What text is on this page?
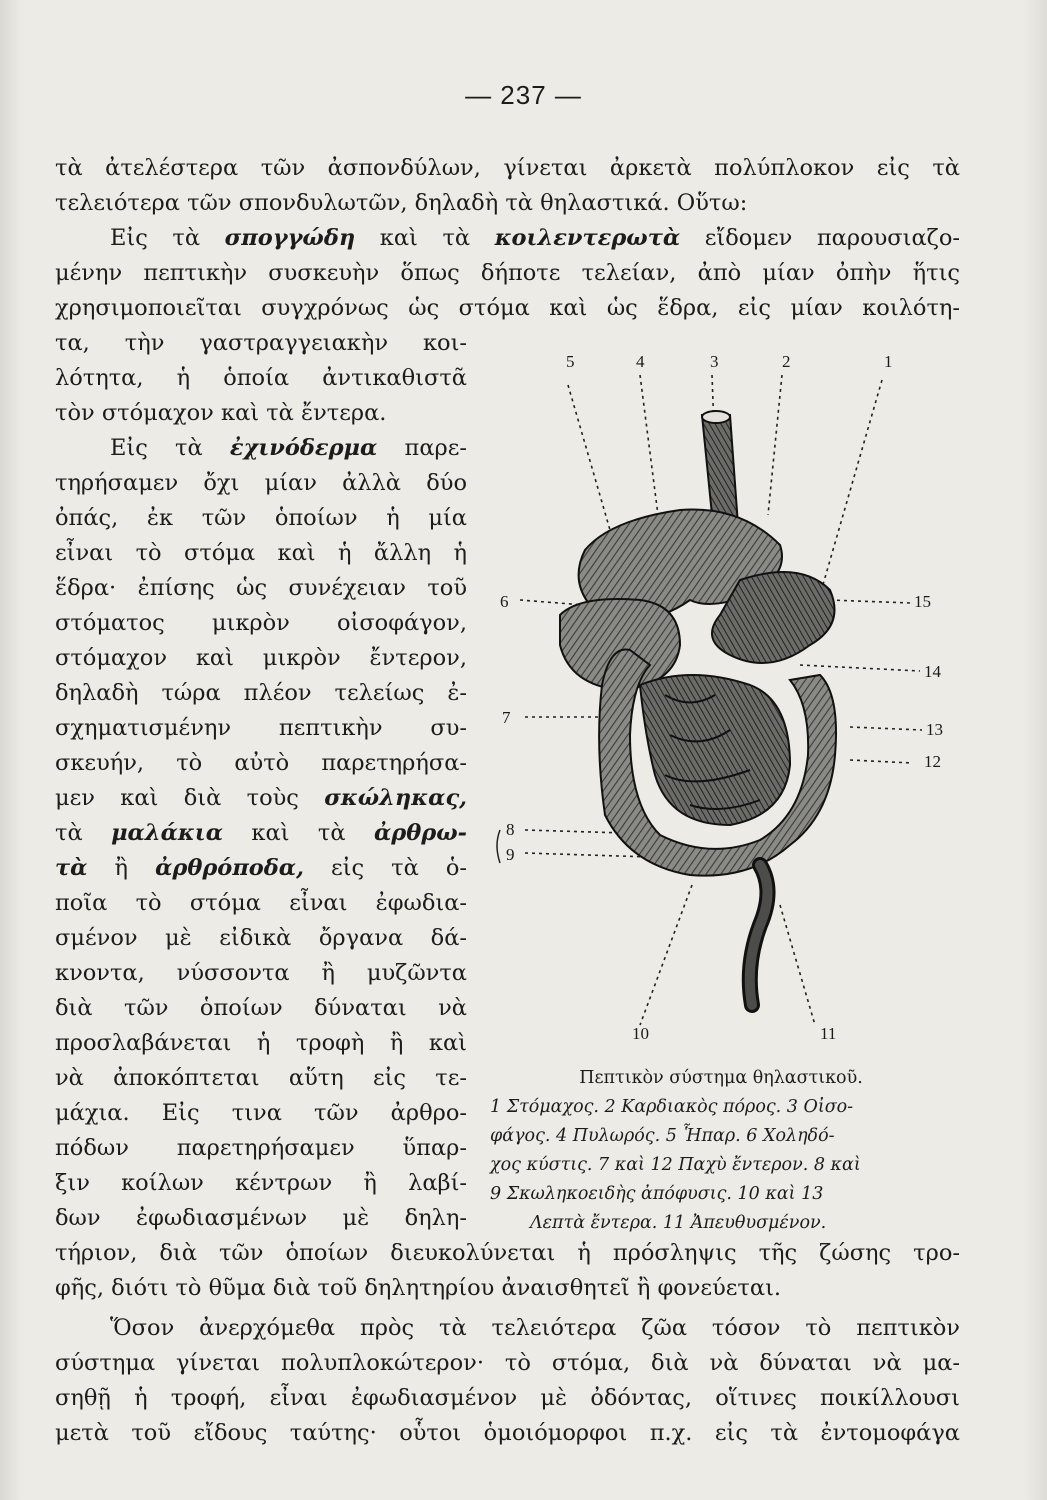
— 237 —
τὰ ἀτελέστερα τῶν ἀσπονδύλων, γίνεται ἀρκετὰ πολύπλοκον εἰς τὰ
τελειότερα τῶν σπονδυλωτῶν, δηλαδὴ τὰ θηλαστικά. Οὕτω:
Εἰς τὰ σπογγώδη καὶ τὰ κοιλεντερωτὰ εἴδομεν παρουσιαζο-
μένην πεπτικὴν συσκευὴν ὅπως δήποτε τελείαν, ἀπὸ μίαν ὀπὴν ἥτις
χρησιμοποιεῖται συγχρόνως ὡς στόμα καὶ ὡς ἕδρα, εἰς μίαν κοιλότη-
τα, τὴν γαστραγγειακὴν κοι-
λότητα, ἡ ὁποία ἀντικαθιστᾶ
τὸν στόμαχον καὶ τὰ ἔντερα.
Εἰς τὰ ἐχινόδερμα παρε-
τηρήσαμεν ὄχι μίαν ἀλλὰ δύο
ὀπάς, ἐκ τῶν ὁποίων ἡ μία
εἶναι τὸ στόμα καὶ ἡ ἄλλη ἡ
ἕδρα· ἐπίσης ὡς συνέχειαν τοῦ
στόματος μικρὸν οἰσοφάγον,
στόμαχον καὶ μικρὸν ἔντερον,
δηλαδὴ τώρα πλέον τελείως ἐ-
σχηματισμένην πεπτικὴν συ-
σκευήν, τὸ αὐτὸ παρετηρήσα-
μεν καὶ διὰ τοὺς σκώληκας,
τὰ μαλάκια καὶ τὰ ἀρθρω-
τὰ ἢ ἀρθρόποδα, εἰς τὰ ὁ-
ποῖα τὸ στόμα εἶναι ἐφωδια-
σμένον μὲ εἰδικὰ ὄργανα δά-
κνοντα, νύσσοντα ἢ μυζῶντα
διὰ τῶν ὁποίων δύναται νὰ
προσλαβάνεται ἡ τροφὴ ἢ καὶ
νὰ ἀποκόπτεται αὕτη εἰς τε-
μάχια. Εἰς τινα τῶν ἀρθρο-
πόδων παρετηρήσαμεν ὕπαρ-
ξιν κοίλων κέντρων ἢ λαβί-
δων ἐφωδιασμένων μὲ δηλη-
τήριον, διὰ τῶν ὁποίων διευκολύνεται ἡ πρόσληψις τῆς ζώσης τρο-
φῆς, διότι τὸ θῦμα διὰ τοῦ δηλητηρίου ἀναισθητεῖ ἢ φονεύεται.
Ὅσον ἀνερχόμεθα πρὸς τὰ τελειότερα ζῶα τόσον τὸ πεπτικὸν
σύστημα γίνεται πολυπλοκώτερον· τὸ στόμα, διὰ νὰ δύναται νὰ μα-
σηθῇ ἡ τροφή, εἶναι ἐφωδιασμένον μὲ ὀδόντας, οἵτινες ποικίλλουσι
μετὰ τοῦ εἴδους ταύτης· οὗτοι ὁμοιόμορφοι π.χ. εἰς τὰ ἐντομοφάγα
5	4	3	2	1
6	15
14
7
13
12
8
9
10	11
Πεπτικὸν σύστημα θηλαστικοῦ.
1 Στόμαχος. 2 Καρδιακὸς πόρος. 3 Οἰσο-
φάγος. 4 Πυλωρός. 5 Ἧπαρ. 6 Χοληδό-
χος κύστις. 7 καὶ 12 Παχὺ ἔντερον. 8 καὶ
9 Σκωληκοειδὴς ἀπόφυσις. 10 καὶ 13
Λεπτὰ ἔντερα. 11 Ἀπευθυσμένον.
